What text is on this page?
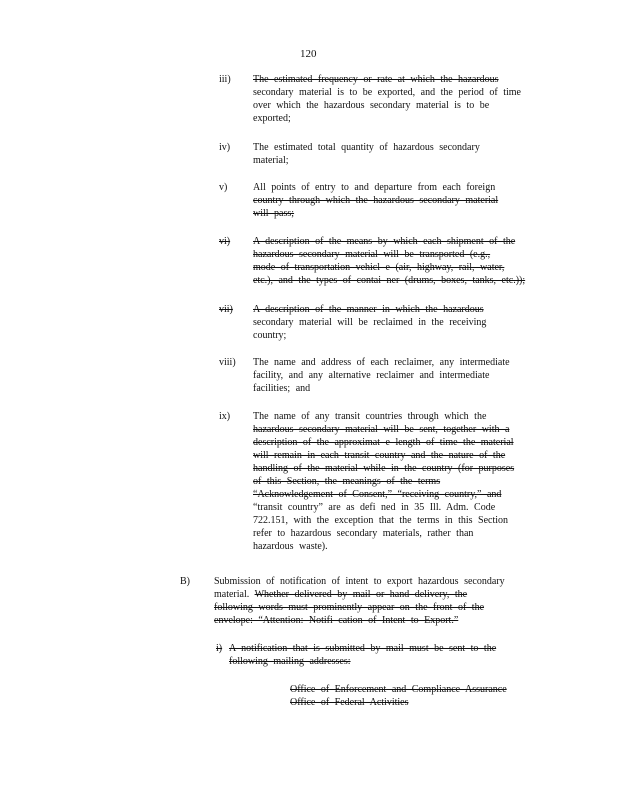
120
iii) The estimated frequency or rate at which the hazardous
secondary material is to be exported, and the period of time
over which the hazardous secondary material is to be
exported;
iv) The estimated total quantity of hazardous secondary
material;
v)	All points of entry to and departure from each foreign
country through which the hazardous secondary material
will pass;
vi) A description of the means by which each shipment of the
hazardous secondary material will be transported (e.g.,
mode of transportation vehicl e (air, highway, rail, water,
etc.), and the types of contai ner (drums, boxes, tanks, etc.));
vii) A description of the manner in which the hazardous
secondary material will be reclaimed in the receiving
country;
viii) The name and address of each reclaimer, any intermediate
facility, and any alternative reclaimer and intermediate
facilities; and
ix) The name of any transit countries through which the
hazardous secondary material will be sent, together with a
description of the approximat e length of time the material
will remain in each transit country and the nature of the
handling of the material while in the country (for purposes
of this Section, the meanings of the terms
“Acknowledgement of Consent,” “receiving country,” and
“transit country” are as defi ned in 35 Ill. Adm. Code
722.151, with the exception that the terms in this Section
refer to hazardous secondary materials, rather than
hazardous waste).
B) Submission of notification of intent to export hazardous secondary
material. Whether delivered by mail or hand delivery, the
following words must prominently appear on the front of the
envelope: “Attention: Notifi cation of Intent to Export.”
i) A notification that is submitted by mail must be sent to the
following mailing addresses:
Office of Enforcement and Compliance Assurance
Office of Federal Activities
